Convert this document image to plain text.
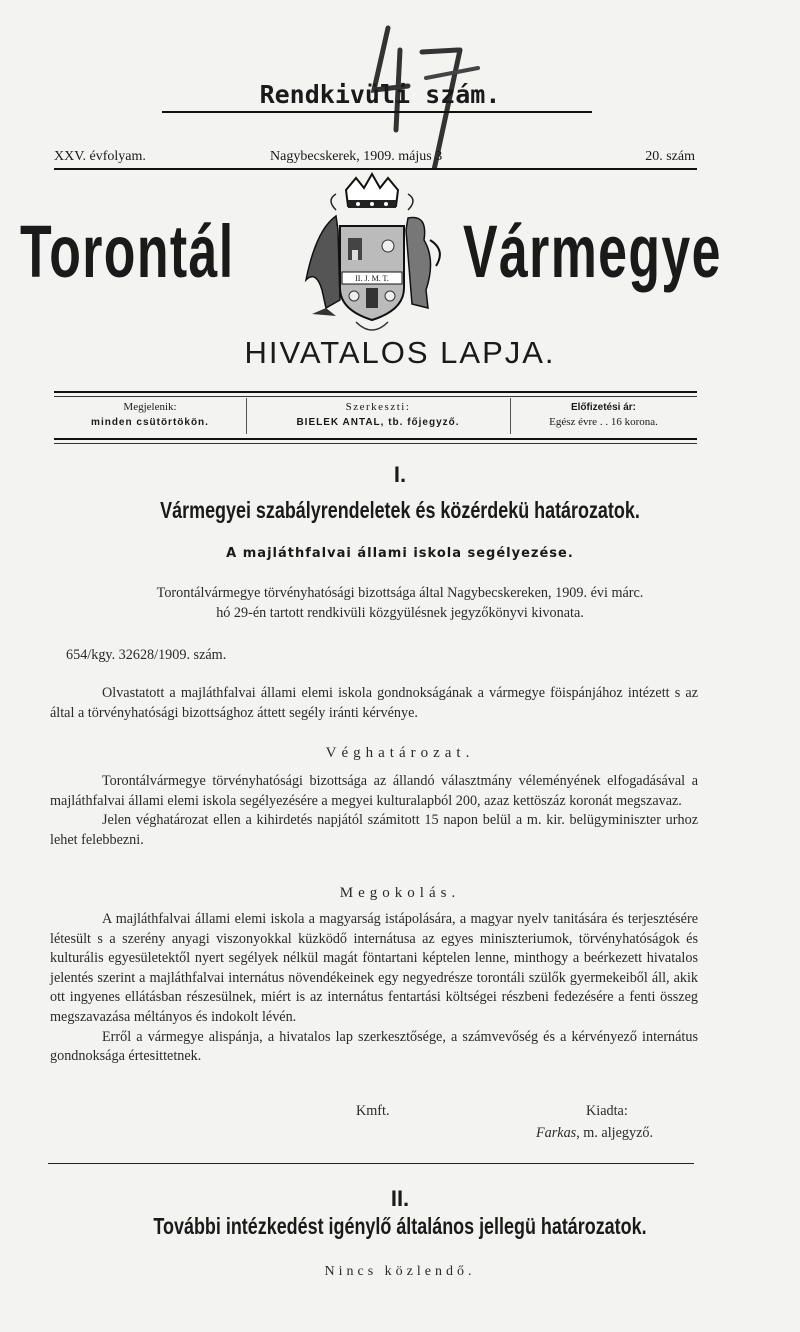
Rendkivüli szám.
XXV. évfolyam.	Nagybecskerek, 1909. május 3	20. szám
Torontál	II. J. M. T. Vármegye
HIVATALOS LAPJA.
Megjelenik:
minden csütörtökön.
Szerkeszti:
BIELEK ANTAL, tb. főjegyző.
Előfizetési ár:
Egész évre . . 16 korona.
I.
Vármegyei szabályrendeletek és közérdekü határozatok.
A majláthfalvai állami iskola segélyezése.

Torontálvármegye törvényhatósági bizottsága által Nagybecskereken, 1909. évi márc.

hó 29-én tartott rendkivüli közgyülésnek jegyzőkönyvi kivonata.

654/kgy. 32628/1909. szám.

Olvastatott a majláthfalvai állami elemi iskola gondnokságának a vármegye föispánjához intézett s az által a törvényhatósági bizottsághoz áttett segély iránti kérvénye.

Véghatározat.

Torontálvármegye törvényhatósági bizottsága az állandó választmány véleményének elfogadásával a majláthfalvai állami elemi iskola segélyezésére a megyei kulturalapból 200, azaz kettöszáz koronát megszavaz.

Jelen véghatározat ellen a kihirdetés napjától számitott 15 napon belül a m. kir. belügyminiszter urhoz lehet felebbezni.

Megokolás.

A majláthfalvai állami elemi iskola a magyarság istápolására, a magyar nyelv tanitására és terjesztésére létesült s a szerény anyagi viszonyokkal küzködő internátusa az egyes miniszteriumok, törvényhatóságok és kulturális egyesületektől nyert segélyek nélkül magát föntartani képtelen lenne, minthogy a beérkezett hivatalos jelentés szerint a majláthfalvai internátus növendékeinek egy negyedrésze torontáli szülők gyermekeiből áll, akik ott ingyenes ellátásban részesülnek, miért is az internátus fentartási költségei részbeni fedezésére a fenti összeg megszavazása méltányos és indokolt lévén.

Erről a vármegye alispánja, a hivatalos lap szerkesztősége, a számvevőség és a kérvényező internátus gondnoksága értesittetnek.

Kmft.	Kiadta:
Farkas, m. aljegyző.
II.
További intézkedést igénylő általános jellegü határozatok.
Nincs közlendő.
